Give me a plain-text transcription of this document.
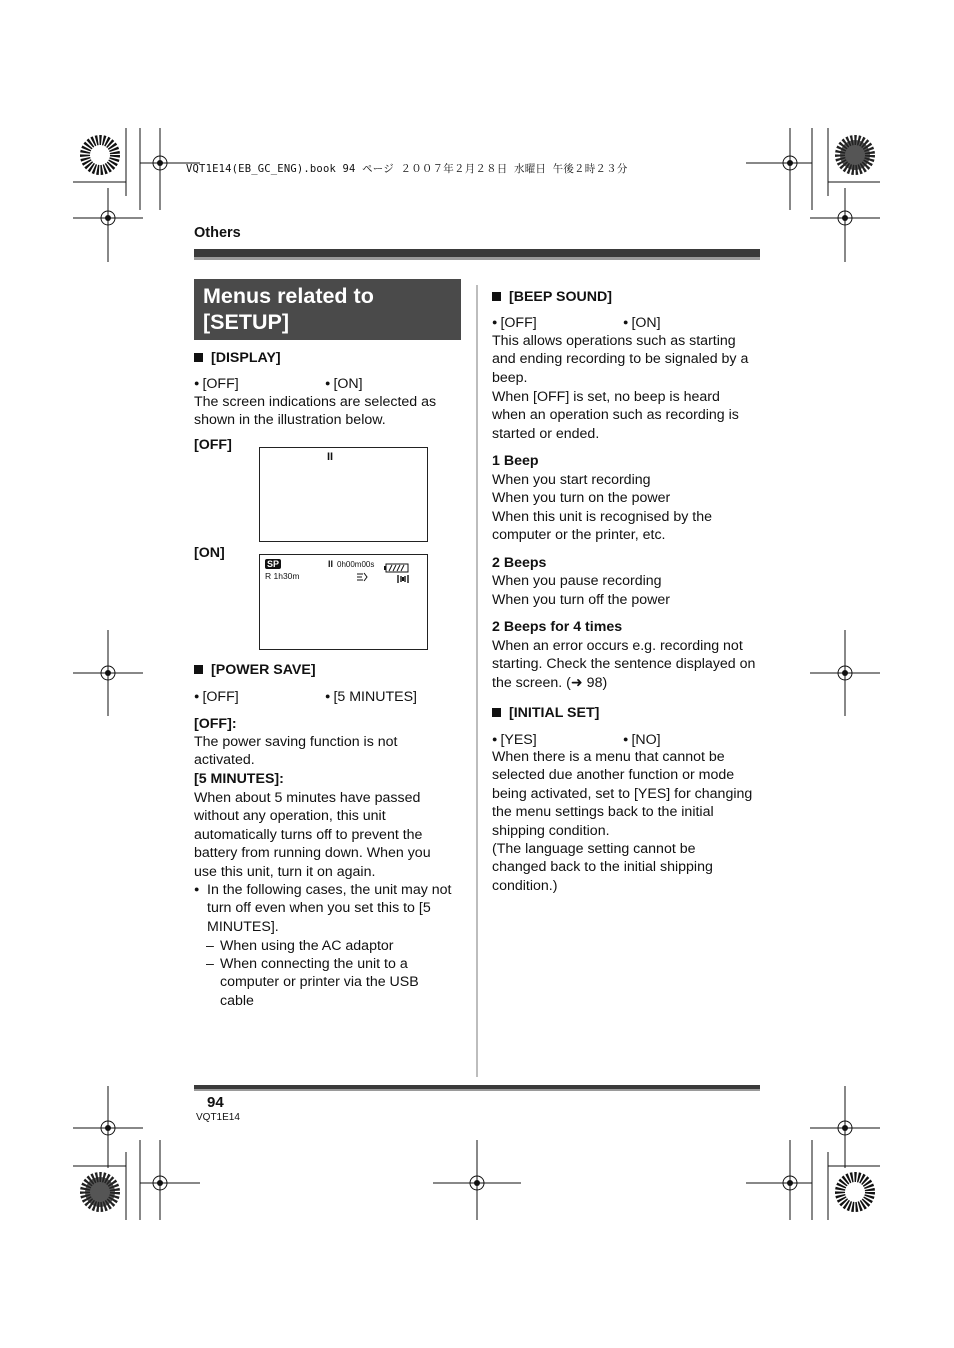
VQT1E14(EB_GC_ENG).book 94 ページ ２００７年２月２８日 水曜日 午後２時２３分
Others
Menus related to [SETUP]
[DISPLAY]
● [OFF]	● [ON]
The screen indications are selected as shown in the illustration below.
[OFF]
II
[ON]
SP
R 1h30m
II 0h00m00s
[POWER SAVE]
● [OFF]	● [5 MINUTES]
[OFF]:
The power saving function is not activated.
[5 MINUTES]:
When about 5 minutes have passed without any operation, this unit automatically turns off to prevent the battery from running down. When you use this unit, turn it on again.
●
In the following cases, the unit may not turn off even when you set this to [5 MINUTES].
– When using the AC adaptor
– When connecting the unit to a computer or printer via the USB cable
[BEEP SOUND]
● [OFF]	● [ON]
This allows operations such as starting and ending recording to be signaled by a beep.
When [OFF] is set, no beep is heard when an operation such as recording is started or ended.
1 Beep
When you start recording
When you turn on the power
When this unit is recognised by the computer or the printer, etc.
2 Beeps
When you pause recording
When you turn off the power
2 Beeps for 4 times
When an error occurs e.g. recording not starting. Check the sentence displayed on the screen. (➜ 98)
[INITIAL SET]
● [YES]	● [NO]
When there is a menu that cannot be selected due another function or mode being activated, set to [YES] for changing the menu settings back to the initial shipping condition.
(The language setting cannot be changed back to the initial shipping condition.)
94
VQT1E14
